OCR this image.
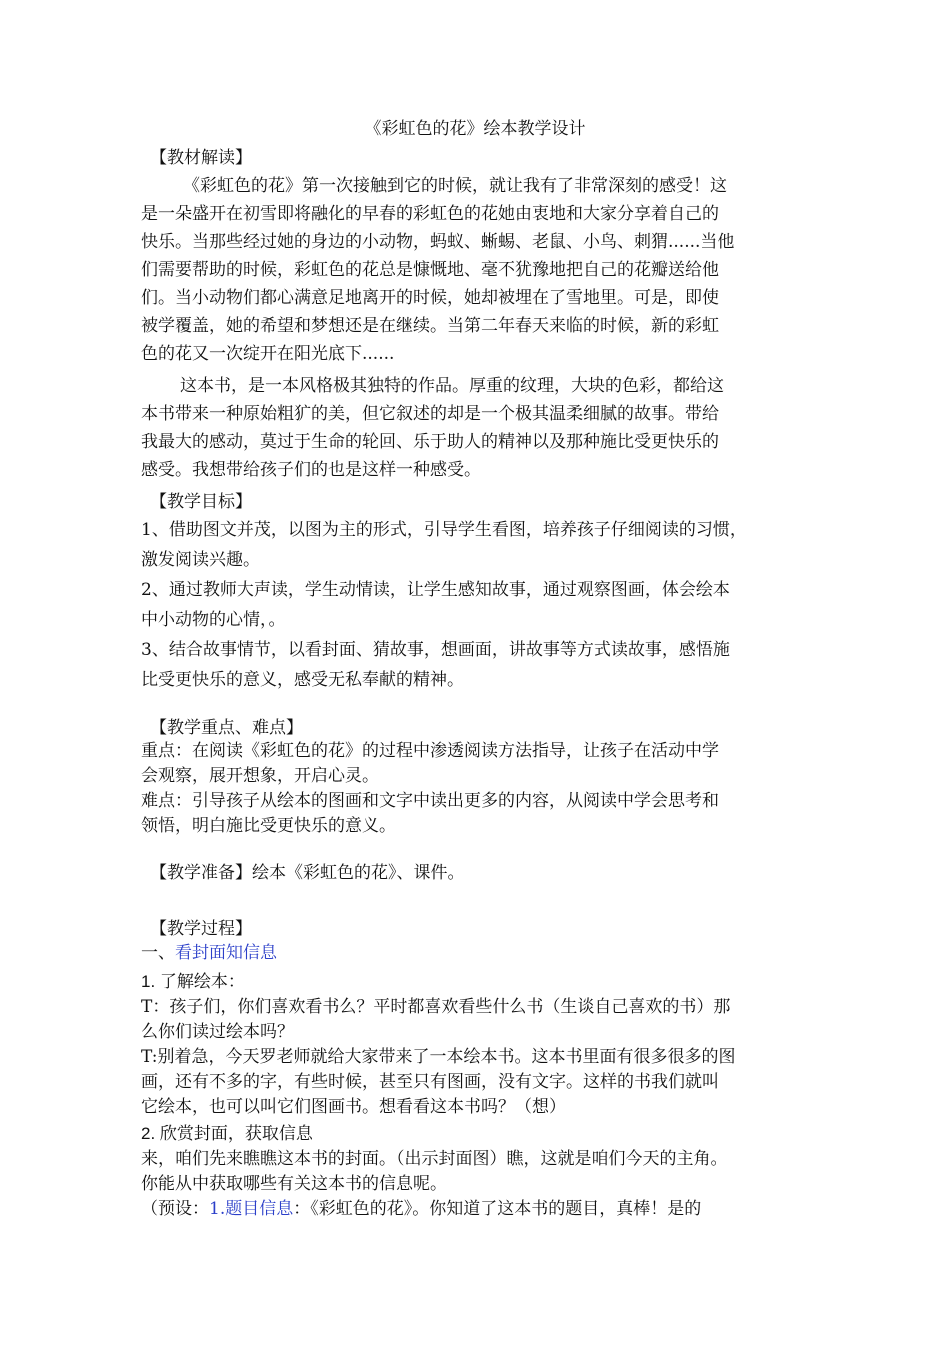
《彩虹色的花》绘本教学设计

【教材解读】

《彩虹色的花》第一次接触到它的时候，就让我有了非常深刻的感受！这

是一朵盛开在初雪即将融化的早春的彩虹色的花她由衷地和大家分享着自己的

快乐。当那些经过她的身边的小动物，蚂蚁、蜥蜴、老鼠、小鸟、刺猬......当他

们需要帮助的时候，彩虹色的花总是慷慨地、毫不犹豫地把自己的花瓣送给他

们。当小动物们都心满意足地离开的时候，她却被埋在了雪地里。可是，即使

被学覆盖，她的希望和梦想还是在继续。当第二年春天来临的时候，新的彩虹

色的花又一次绽开在阳光底下......

这本书，是一本风格极其独特的作品。厚重的纹理，大块的色彩，都给这

本书带来一种原始粗犷的美，但它叙述的却是一个极其温柔细腻的故事。带给

我最大的感动，莫过于生命的轮回、乐于助人的精神以及那种施比受更快乐的

感受。我想带给孩子们的也是这样一种感受。

【教学目标】

1、借助图文并茂，以图为主的形式，引导学生看图，培养孩子仔细阅读的习惯，

激发阅读兴趣。

2、通过教师大声读，学生动情读，让学生感知故事，通过观察图画，体会绘本

中小动物的心情，。

3、结合故事情节，以看封面、猜故事，想画面，讲故事等方式读故事，感悟施

比受更快乐的意义，感受无私奉献的精神。

【教学重点、难点】

重点：在阅读《彩虹色的花》的过程中渗透阅读方法指导，让孩子在活动中学

会观察，展开想象，开启心灵。

难点：引导孩子从绘本的图画和文字中读出更多的内容，从阅读中学会思考和

领悟，明白施比受更快乐的意义。

【教学准备】绘本《彩虹色的花》、课件。

【教学过程】

一、看封面知信息

1. 了解绘本：

T：孩子们，你们喜欢看书么？平时都喜欢看些什么书（生谈自己喜欢的书）那

么你们读过绘本吗？

T:别着急，今天罗老师就给大家带来了一本绘本书。这本书里面有很多很多的图

画，还有不多的字，有些时候，甚至只有图画，没有文字。这样的书我们就叫

它绘本，也可以叫它们图画书。想看看这本书吗？（想）

2. 欣赏封面，获取信息

来，咱们先来瞧瞧这本书的封面。（出示封面图）瞧，这就是咱们今天的主角。

你能从中获取哪些有关这本书的信息呢。

（预设：1.题目信息：《彩虹色的花》。你知道了这本书的题目，真棒！是的
